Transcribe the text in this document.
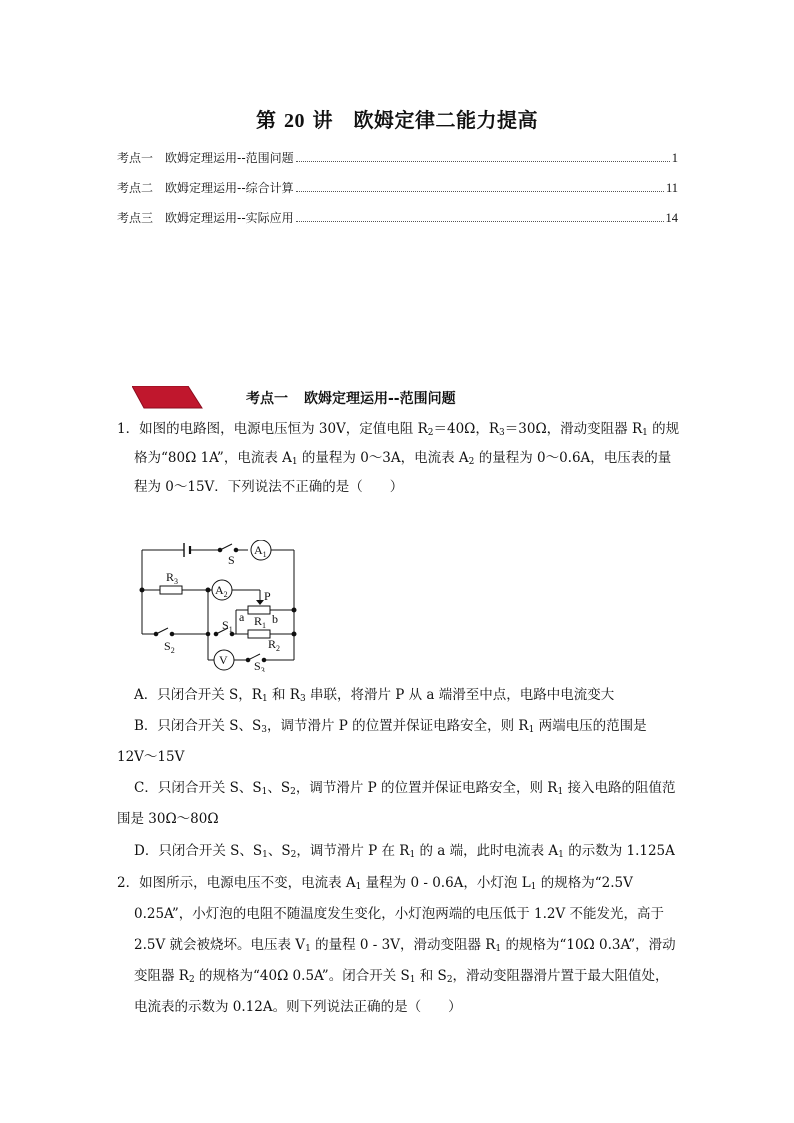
第 20 讲　欧姆定律二能力提高
考点一　欧姆定理运用--范围问题	1
考点二　欧姆定理运用--综合计算	11
考点三　欧姆定理运用--实际应用	14
考点一 欧姆定理运用--范围问题
1．如图的电路图，电源电压恒为 30V，定值电阻 $R_2=40\Omega$，$R_3=30\Omega$，滑动变阻器 $R_1$ 的规
格为“80Ω 1A”，电流表 $A_1$ 的量程为 0～3A，电流表 $A_2$ 的量程为 0～0.6A，电压表的量
程为 0～15V．下列说法不正确的是（　　）
S
$A_1$
$R_3$
$A_2$	P
a $R_1$ b
$S_2$
$S_1$
$R_2$
V $S_3$
A．只闭合开关 S，$R_1$ 和 $R_3$ 串联，将滑片 P 从 a 端滑至中点，电路中电流变大
B．只闭合开关 S、$S_3$，调节滑片 P 的位置并保证电路安全，则 $R_1$ 两端电压的范围是
12V～15V
C．只闭合开关 S、$S_1$、$S_2$，调节滑片 P 的位置并保证电路安全，则 $R_1$ 接入电路的阻值范
围是 30Ω～80Ω
D．只闭合开关 S、$S_1$、$S_2$，调节滑片 P 在 $R_1$ 的 a 端，此时电流表 $A_1$ 的示数为 1.125A
2．如图所示，电源电压不变，电流表 $A_1$ 量程为 0 - 0.6A，小灯泡 $L_1$ 的规格为“2.5V
0.25A”，小灯泡的电阻不随温度发生变化，小灯泡两端的电压低于 1.2V 不能发光，高于
2.5V 就会被烧坏。电压表 $V_1$ 的量程 0 - 3V，滑动变阻器 $R_1$ 的规格为“10Ω 0.3A”，滑动
变阻器 $R_2$ 的规格为“40Ω 0.5A”。闭合开关 $S_1$ 和 $S_2$，滑动变阻器滑片置于最大阻值处，
电流表的示数为 0.12A。则下列说法正确的是（　　）
